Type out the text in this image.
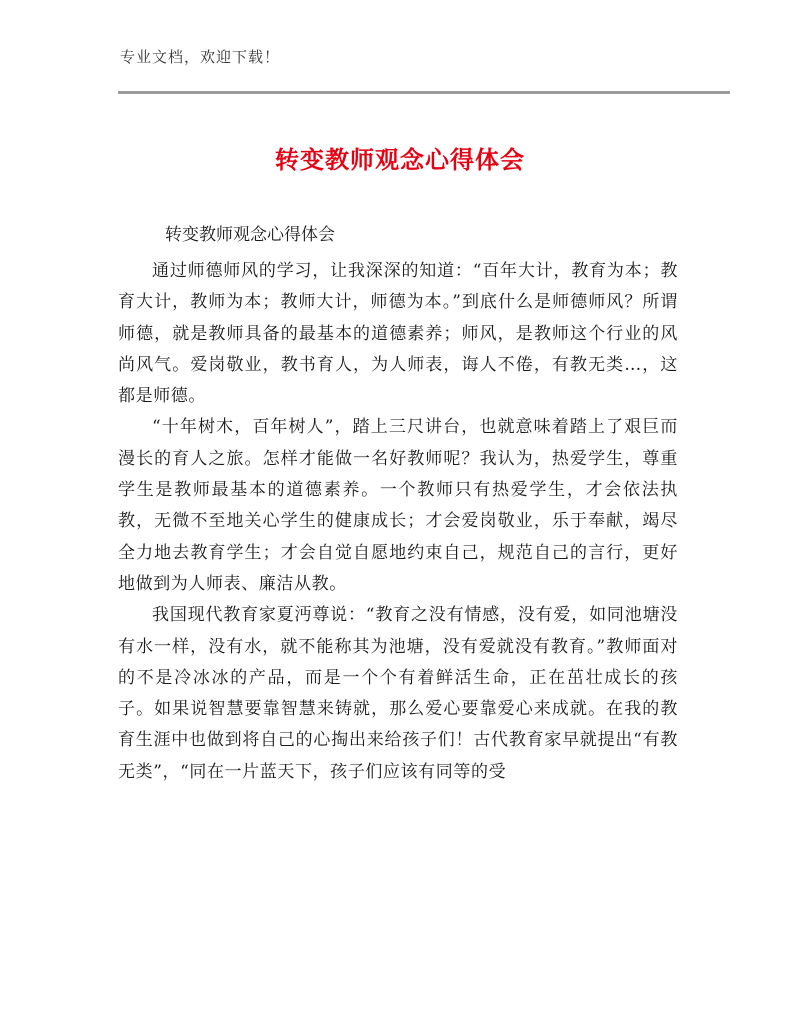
专业文档，欢迎下载！
转变教师观念心得体会
转变教师观念心得体会

通过师德师风的学习，让我深深的知道：“百年大计，教育为本；教育大计，教师为本；教师大计，师德为本。”到底什么是师德师风？所谓师德，就是教师具备的最基本的道德素养；师风，是教师这个行业的风尚风气。爱岗敬业，教书育人，为人师表，诲人不倦，有教无类…，这都是师德。

“十年树木，百年树人”，踏上三尺讲台，也就意味着踏上了艰巨而漫长的育人之旅。怎样才能做一名好教师呢？我认为，热爱学生，尊重学生是教师最基本的道德素养。一个教师只有热爱学生，才会依法执教，无微不至地关心学生的健康成长；才会爱岗敬业，乐于奉献，竭尽全力地去教育学生；才会自觉自愿地约束自己，规范自己的言行，更好地做到为人师表、廉洁从教。

我国现代教育家夏沔尊说：“教育之没有情感，没有爱，如同池塘没有水一样，没有水，就不能称其为池塘，没有爱就没有教育。”教师面对的不是冷冰冰的产品，而是一个个有着鲜活生命，正在茁壮成长的孩子。如果说智慧要靠智慧来铸就，那么爱心要靠爱心来成就。在我的教育生涯中也做到将自己的心掏出来给孩子们！古代教育家早就提出“有教无类”，“同在一片蓝天下，孩子们应该有同等的受
